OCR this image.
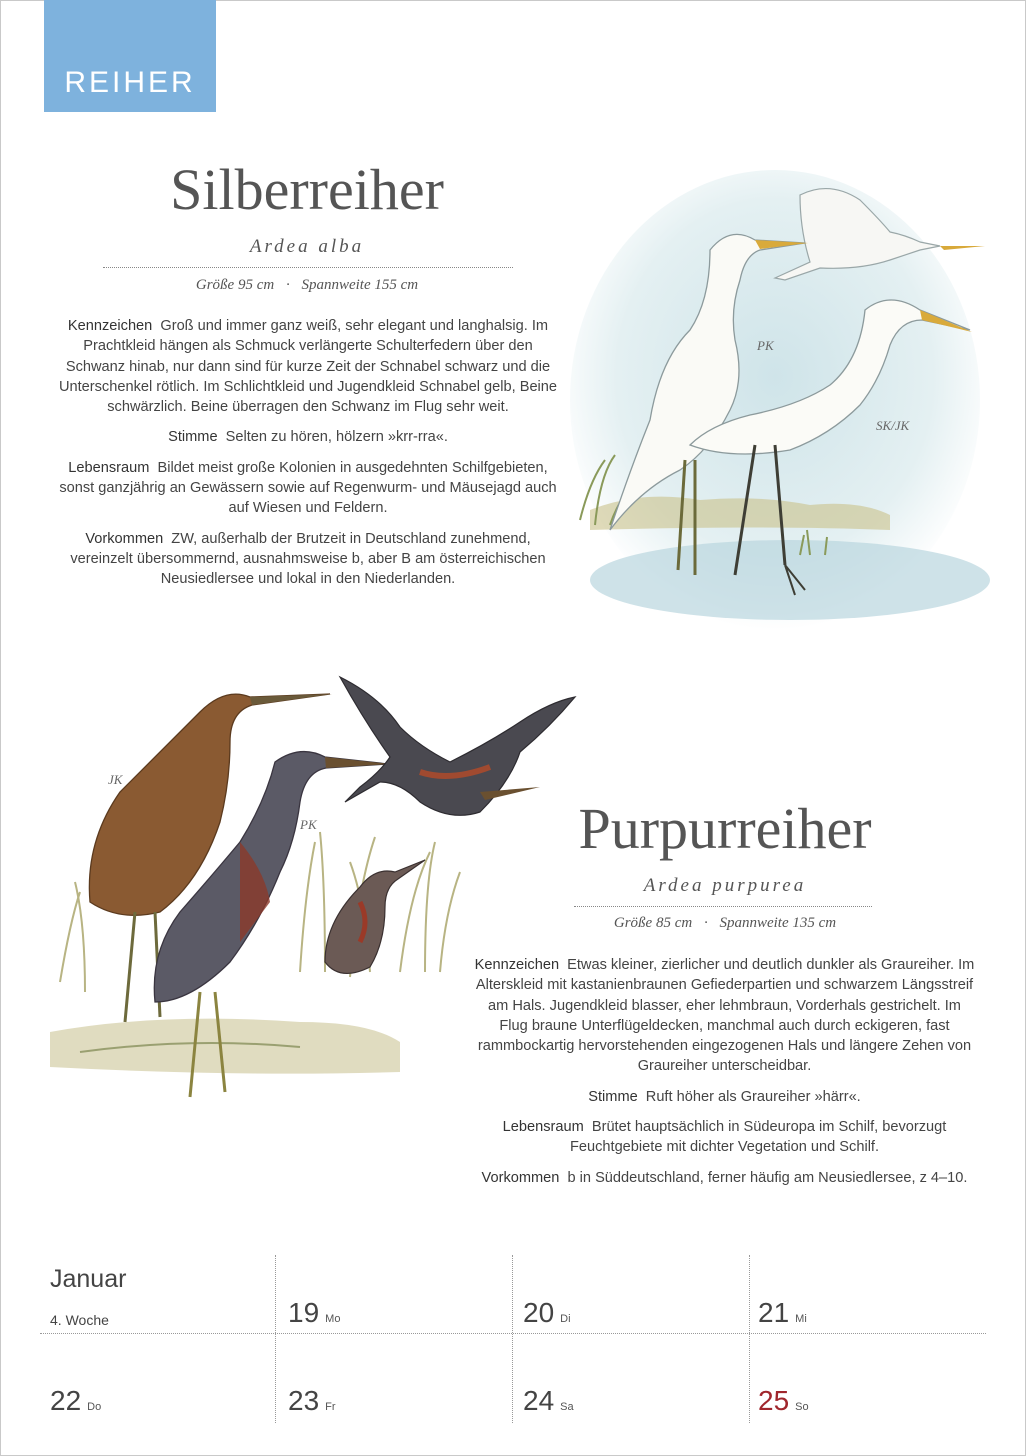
REIHER
Silberreiher
Ardea alba
Größe 95 cm · Spannweite 155 cm

Kennzeichen Groß und immer ganz weiß, sehr elegant und langhalsig. Im Prachtkleid hängen als Schmuck verlängerte Schulterfedern über den Schwanz hinab, nur dann sind für kurze Zeit der Schnabel schwarz und die Unterschenkel rötlich. Im Schlichtkleid und Jugendkleid Schnabel gelb, Beine schwärzlich. Beine überragen den Schwanz im Flug sehr weit.

Stimme Selten zu hören, hölzern »krr-rra«.

Lebensraum Bildet meist große Kolonien in ausgedehnten Schilfgebieten, sonst ganzjährig an Gewässern sowie auf Regenwurm- und Mäusejagd auch auf Wiesen und Feldern.

Vorkommen ZW, außerhalb der Brutzeit in Deutschland zunehmend, vereinzelt übersommernd, ausnahmsweise b, aber B am österreichischen Neusiedlersee und lokal in den Niederlanden.

PK
SK/JK
JK
PK	Purpurreiher
Ardea purpurea
Größe 85 cm · Spannweite 135 cm

Kennzeichen Etwas kleiner, zierlicher und deutlich dunkler als Graureiher. Im Alterskleid mit kastanienbraunen Gefiederpartien und schwarzem Längsstreif am Hals. Jugendkleid blasser, eher lehmbraun, Vorderhals gestrichelt. Im Flug braune Unterflügeldecken, manchmal auch durch eckigeren, fast rammbockartig hervorstehenden eingezogenen Hals und längere Zehen von Graureiher unterscheidbar.

Stimme Ruft höher als Graureiher »härr«.

Lebensraum Brütet hauptsächlich in Südeuropa im Schilf, bevorzugt Feuchtgebiete mit dichter Vegetation und Schilf.

Vorkommen b in Süddeutschland, ferner häufig am Neusiedlersee, z 4–10.

Januar
4. Woche	19 Mo	20 Di	21 Mi
22 Do	23 Fr	24 Sa	25 So
